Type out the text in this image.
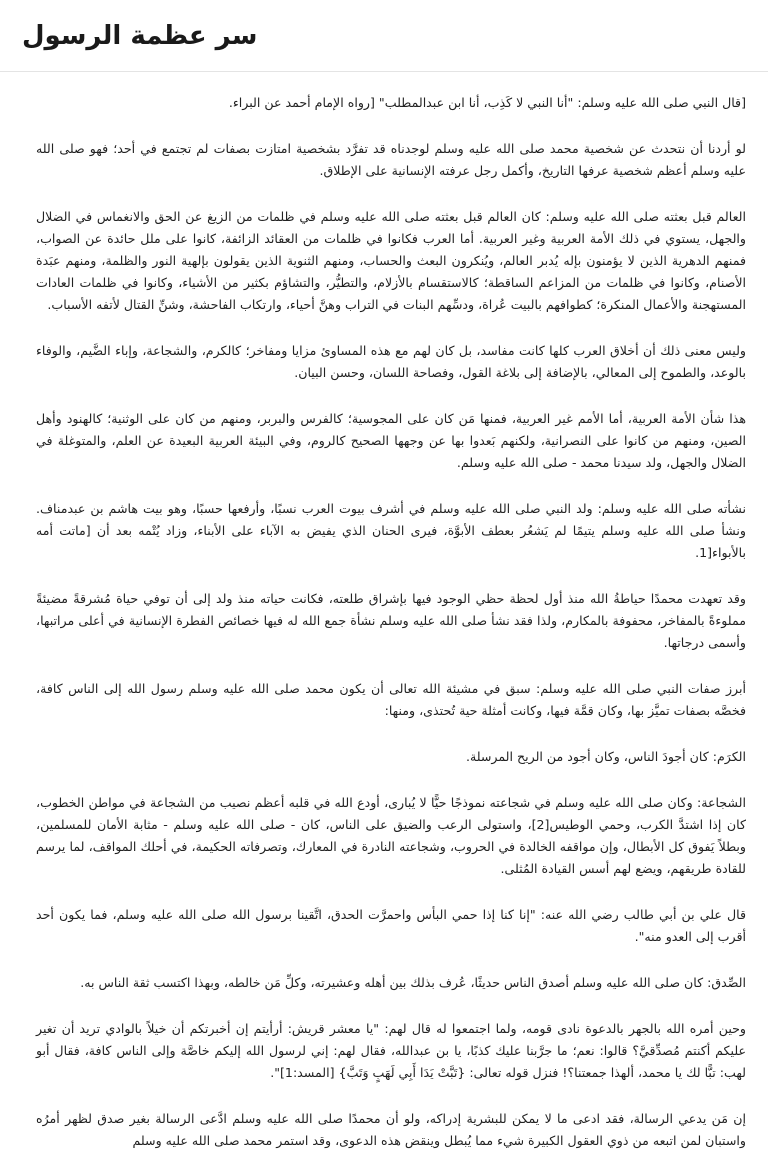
سر عظمة الرسول

[قال النبي صلى الله عليه وسلم: "أنا النبي لا كَذِب، أنا ابن عبدالمطلب" [رواه الإمام أحمد عن البراء.

لو أردنا أن نتحدث عن شخصية محمد صلى الله عليه وسلم لوجدناه قد تفرَّد بشخصية امتازت بصفات لم تجتمع في أحد؛ فهو صلى الله عليه وسلم أعظم شخصية عرفها التاريخ، وأكمل رجل عرفته الإنسانية على الإطلاق.

العالم قبل بعثته صلى الله عليه وسلم: كان العالم قبل بعثته صلى الله عليه وسلم في ظلمات من الزيغ عن الحق والانغماس في الضلال والجهل، يستوي في ذلك الأمة العربية وغير العربية. أما العرب فكانوا في ظلمات من العقائد الزائفة، كانوا على ملل حائدة عن الصواب، فمنهم الدهرية الذين لا يؤمنون بإله يُدبر العالم، ويُنكرون البعث والحساب، ومنهم الثنوية الذين يقولون بإلهية النور والظلمة، ومنهم عبَدة الأصنام، وكانوا في ظلمات من المزاعم الساقطة؛ كالاستقسام بالأزلام، والتطيُّر، والتشاؤم بكثير من الأشياء، وكانوا في ظلمات العادات المستهجنة والأعمال المنكرة؛ كطوافهم بالبيت عُراة، ودسِّهم البنات في التراب وهنَّ أحياء، وارتكاب الفاحشة، وشنِّ القتال لأتفه الأسباب.

وليس معنى ذلك أن أخلاق العرب كلها كانت مفاسد، بل كان لهم مع هذه المساوئ مزايا ومفاخر؛ كالكرم، والشجاعة، وإباء الضَّيم، والوفاء بالوعد، والطموح إلى المعالي، بالإضافة إلى بلاغة القول، وفصاحة اللسان، وحسن البيان.

هذا شأن الأمة العربية، أما الأمم غير العربية، فمنها مَن كان على المجوسية؛ كالفرس والبربر، ومنهم من كان على الوثنية؛ كالهنود وأهل الصين، ومنهم من كانوا على النصرانية، ولكنهم بَعدوا بها عن وجهها الصحيح كالروم، وفي البيئة العربية البعيدة عن العلم، والمتوغلة في الضلال والجهل، ولد سيدنا محمد - صلى الله عليه وسلم.

نشأته صلى الله عليه وسلم: ولد النبي صلى الله عليه وسلم في أشرف بيوت العرب نسبًا، وأرفعها حسبًا، وهو بيت هاشم بن عبدمناف. ونشأ صلى الله عليه وسلم يتيمًا لم يَشعُر بعطف الأبوَّة، فيرى الحنان الذي يفيض به الآباء على الأبناء، وزاد يُتْمه بعد أن [ماتت أمه بالأبواء[1.

وقد تعهدت محمدًا حياطةُ الله منذ أول لحظة حظي الوجود فيها بإشراق طلعته، فكانت حياته منذ ولد إلى أن توفي حياة مُشرقةً مضيئةً مملوءةً بالمفاخر، محفوفة بالمكارم، ولذا فقد نشأ صلى الله عليه وسلم نشأة جمع الله له فيها خصائص الفطرة الإنسانية في أعلى مراتبها، وأسمى درجاتها.

أبرز صفات النبي صلى الله عليه وسلم: سبق في مشيئة الله تعالى أن يكون محمد صلى الله عليه وسلم رسول الله إلى الناس كافة، فخصَّه بصفات تميَّز بها، وكان قمَّة فيها، وكانت أمثلة حية تُحتذى، ومنها:

الكرَم: كان أجودَ الناس، وكان أجود من الريح المرسلة.

الشجاعة: وكان صلى الله عليه وسلم في شجاعته نموذجًا حيًّا لا يُبارى، أودع الله في قلبه أعظم نصيب من الشجاعة في مواطن الخطوب، كان إذا اشتدَّ الكرب، وحمي الوطيس[2]، واستولى الرعب والضيق على الناس، كان - صلى الله عليه وسلم - مثابة الأمان للمسلمين، وبطلاً يَفوق كل الأبطال، وإن مواقفه الخالدة في الحروب، وشجاعته النادرة في المعارك، وتصرفاته الحكيمة، في أحلك المواقف، لما يرسم للقادة طريقهم، ويضع لهم أسس القيادة المُثلى.

قال علي بن أبي طالب رضي الله عنه: "إنا كنا إذا حمي البأس واحمرَّت الحدق، اتَّقينا برسول الله صلى الله عليه وسلم، فما يكون أحد أقرب إلى العدو منه".

الصِّدق: كان صلى الله عليه وسلم أصدق الناس حديثًا، عُرف بذلك بين أهله وعشيرته، وكلِّ مَن خالطه، وبهذا اكتسب ثقة الناس به.

وحين أمره الله بالجهر بالدعوة نادى قومه، ولما اجتمعوا له قال لهم: "يا معشر قريش: أرأيتم إن أخبرتكم أن خيلاً بالوادي تريد أن تغير عليكم أكنتم مُصدِّقيَّ؟ قالوا: نعم؛ ما جرَّبنا عليك كذبًا، يا بن عبدالله، فقال لهم: إني لرسول الله إليكم خاصَّة وإلى الناس كافة، فقال أبو لهب: تبًّا لك يا محمد، ألهذا جمعتنا؟! فنزل قوله تعالى: {تَبَّتْ يَدَا أَبِي لَهَبٍ وَتَبَّ} [المسد:1]".

إن مَن يدعي الرسالة، فقد ادعى ما لا يمكن للبشرية إدراكه، ولو أن محمدًا صلى الله عليه وسلم ادَّعى الرسالة بغير صدق لظهر أمرُه واستبان لمن اتبعه من ذوي العقول الكبيرة شيء مما يُبطل وينقض هذه الدعوى، وقد استمر محمد صلى الله عليه وسلم
